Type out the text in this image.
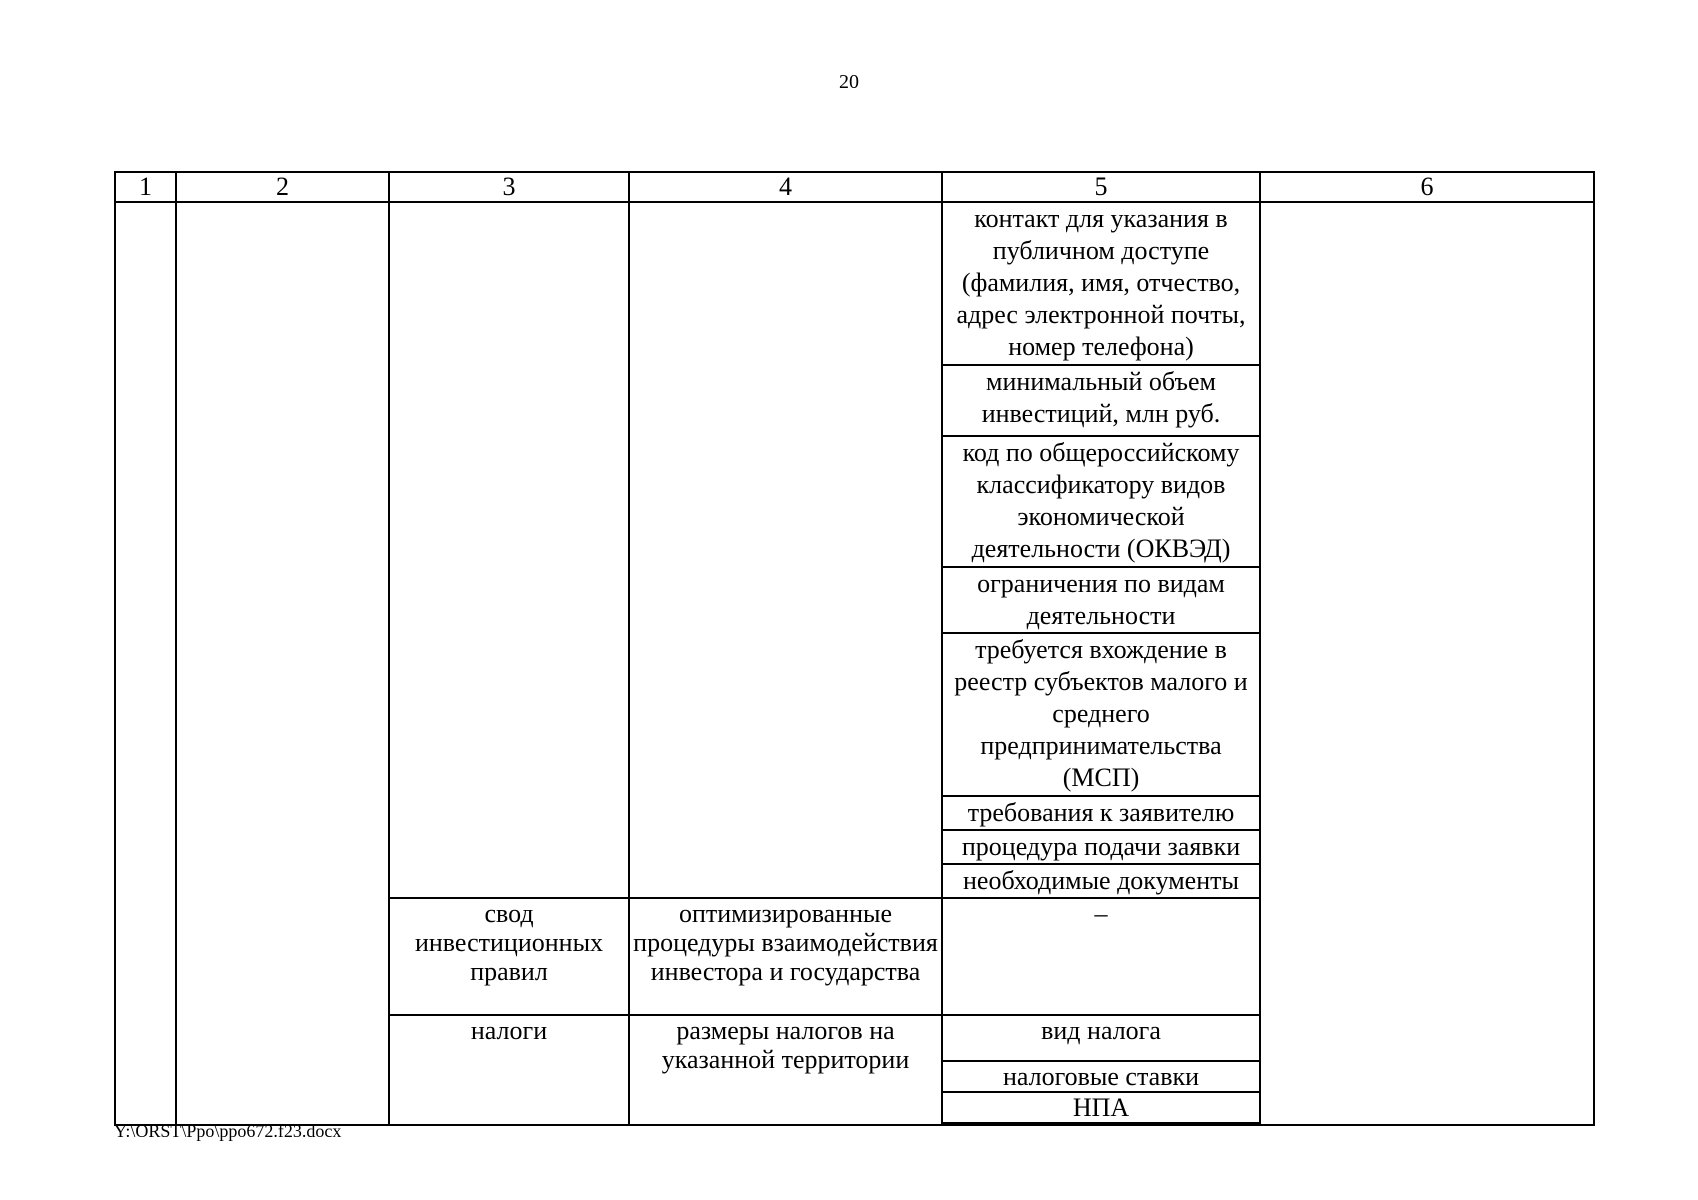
20
1	2	3	4	5	6
				контакт для указания в публичном доступе (фамилия, имя, отчество, адрес электронной почты, номер телефона)	
				минимальный объем инвестиций, млн руб.	
				код по общероссийскому классификатору видов экономической деятельности (ОКВЭД)	
				ограничения по видам деятельности	
				требуется вхождение в реестр субъектов малого и среднего предпринимательства (МСП)	
				требования к заявителю	
				процедура подачи заявки	
				необходимые документы	
		свод инвестиционных правил	оптимизированные процедуры взаимодействия инвестора и государства	–	
		налоги	размеры налогов на указанной территории	вид налога	
				налоговые ставки	
				НПА	

Y:\ORST\Ppo\ppo672.f23.docx
